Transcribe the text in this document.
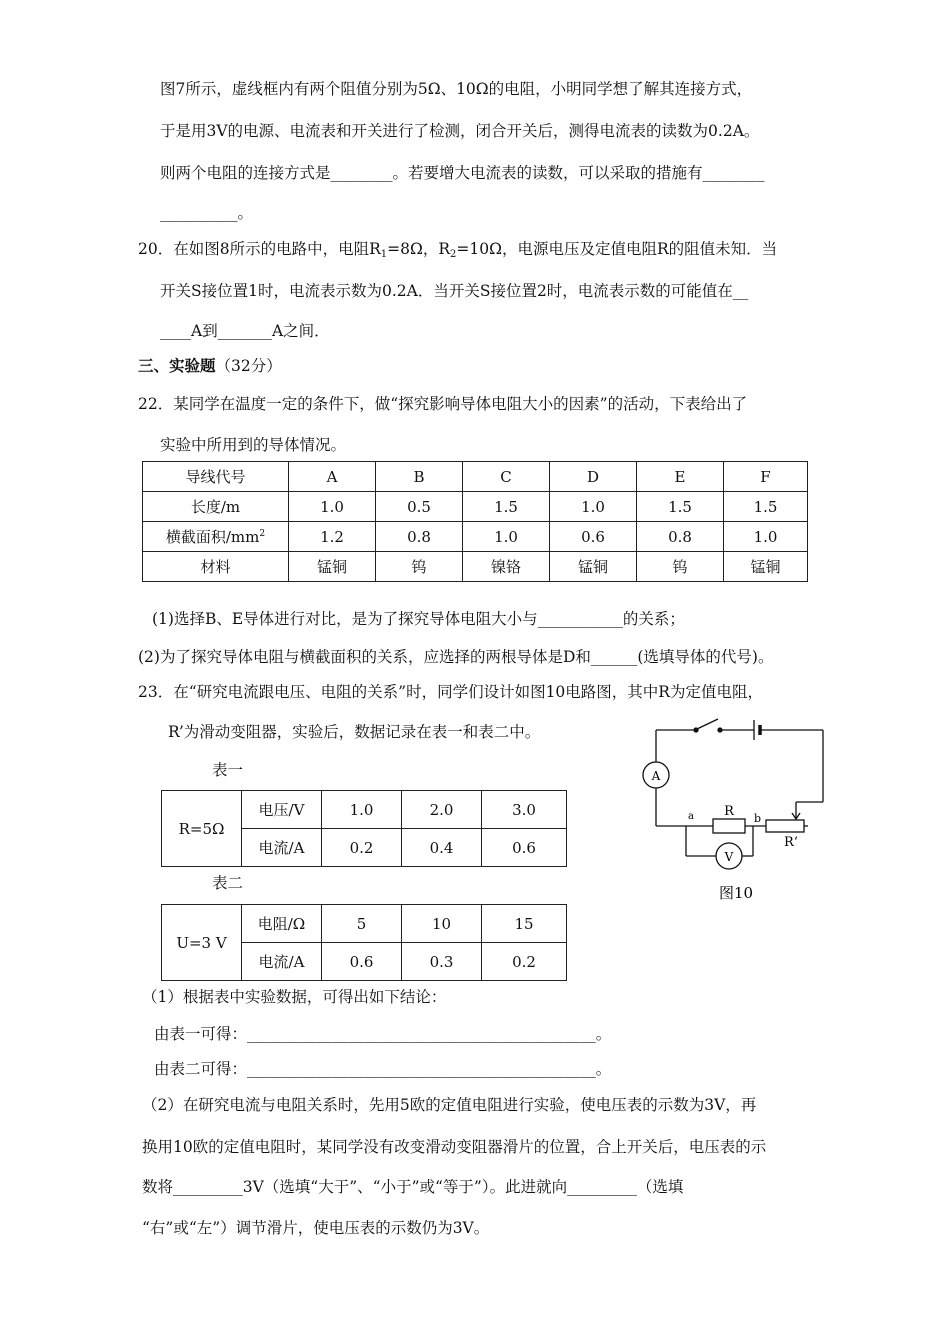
图7所示，虚线框内有两个阻值分别为5Ω、10Ω的电阻，小明同学想了解其连接方式，
于是用3V的电源、电流表和开关进行了检测，闭合开关后，测得电流表的读数为0.2A。
则两个电阻的连接方式是________。若要增大电流表的读数，可以采取的措施有________
__________。
20．在如图8所示的电路中，电阻$R_1=8\Omega$，$R_2=10\Omega$，电源电压及定值电阻R的阻值未知．当
开关S接位置1时，电流表示数为0.2A．当开关S接位置2时，电流表示数的可能值在__
____A到_______A之间．
三、实验题（32分）
22．某同学在温度一定的条件下，做“探究影响导体电阻大小的因素”的活动，下表给出了
实验中所用到的导体情况。
导线代号	A	B	C	D	E	F
长度/m	1.0	0.5	1.5	1.0	1.5	1.5
横截面积$/mm^2$	1.2	0.8	1.0	0.6	0.8	1.0
材料	锰铜	钨	镍铬	锰铜	钨	锰铜
(1)选择B、E导体进行对比，是为了探究导体电阻大小与___________的关系；
(2)为了探究导体电阻与横截面积的关系，应选择的两根导体是D和______(选填导体的代号)。
23．在“研究电流跟电压、电阻的关系”时，同学们设计如图10电路图，其中R为定值电阻，
R’为滑动变阻器，实验后，数据记录在表一和表二中。
表一
R=5Ω	电压/V	1.0	2.0	3.0
	电流/A	0.2	0.4	0.6
表二
U=3 V	电阻/Ω	5	10	15
	电流/A	0.6	0.3	0.2
A
V
R
R‘
a	b
图10
（1）根据表中实验数据，可得出如下结论：
由表一可得：_____________________________________________。
由表二可得：_____________________________________________。
（2）在研究电流与电阻关系时，先用5欧的定值电阻进行实验，使电压表的示数为3V，再
换用10欧的定值电阻时，某同学没有改变滑动变阻器滑片的位置，合上开关后，电压表的示
数将_________3V（选填“大于”、“小于”或“等于”）。此进就向_________（选填
“右”或“左”）调节滑片，使电压表的示数仍为3V。
